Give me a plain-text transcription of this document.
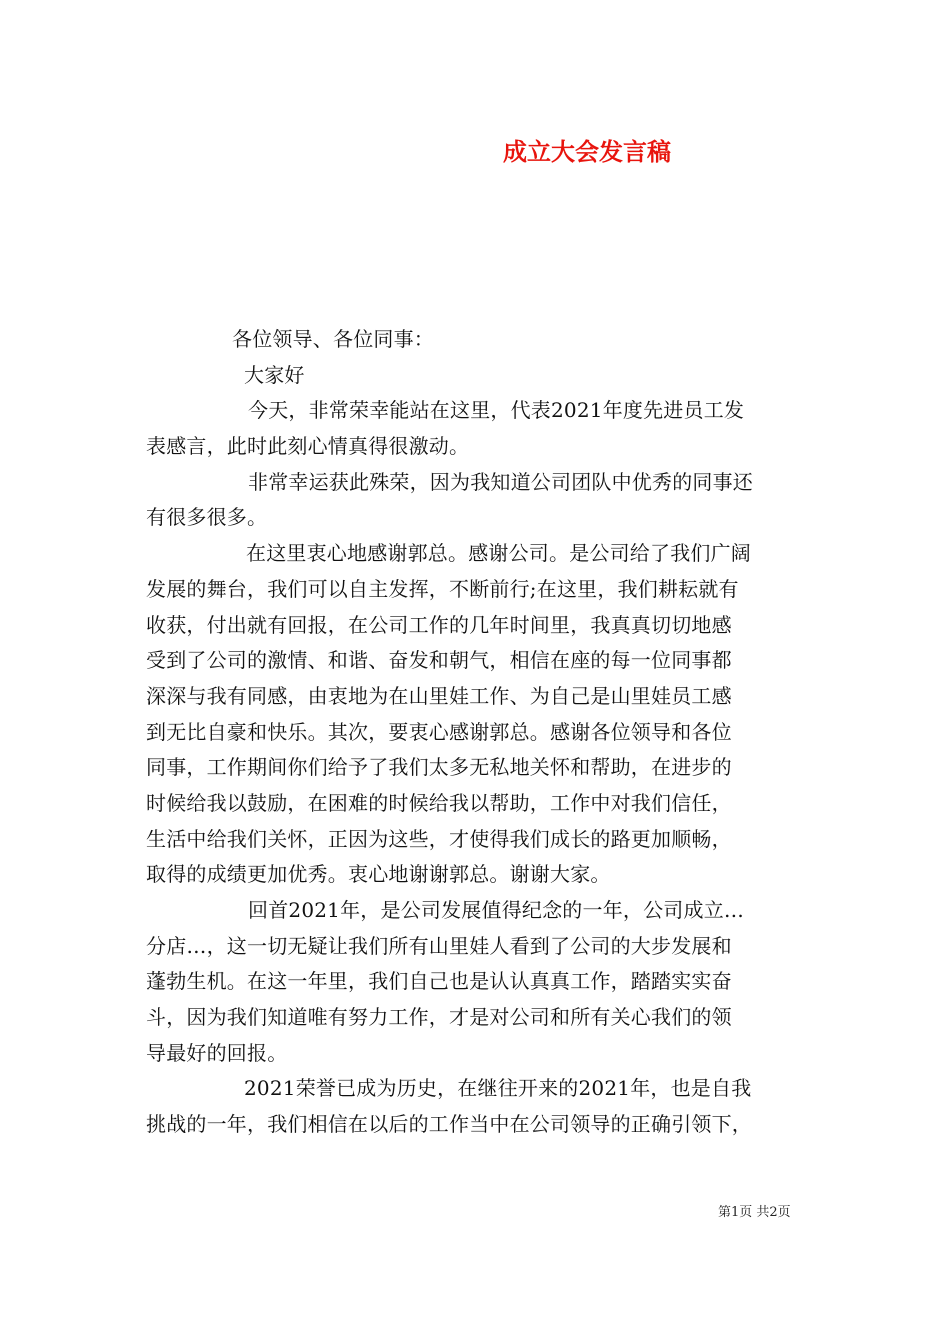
成立大会发言稿
各位领导、各位同事：
大家好
今天，非常荣幸能站在这里，代表2021年度先进员工发
表感言，此时此刻心情真得很激动。
非常幸运获此殊荣，因为我知道公司团队中优秀的同事还
有很多很多。
在这里衷心地感谢郭总。感谢公司。是公司给了我们广阔
发展的舞台，我们可以自主发挥，不断前行;在这里，我们耕耘就有
收获，付出就有回报，在公司工作的几年时间里，我真真切切地感
受到了公司的激情、和谐、奋发和朝气，相信在座的每一位同事都
深深与我有同感，由衷地为在山里娃工作、为自己是山里娃员工感
到无比自豪和快乐。其次，要衷心感谢郭总。感谢各位领导和各位
同事，工作期间你们给予了我们太多无私地关怀和帮助，在进步的
时候给我以鼓励，在困难的时候给我以帮助，工作中对我们信任，
生活中给我们关怀，正因为这些，才使得我们成长的路更加顺畅，
取得的成绩更加优秀。衷心地谢谢郭总。谢谢大家。
回首2021年，是公司发展值得纪念的一年，公司成立…
分店…，这一切无疑让我们所有山里娃人看到了公司的大步发展和
蓬勃生机。在这一年里，我们自己也是认认真真工作，踏踏实实奋
斗，因为我们知道唯有努力工作，才是对公司和所有关心我们的领
导最好的回报。
2021荣誉已成为历史，在继往开来的2021年，也是自我
挑战的一年，我们相信在以后的工作当中在公司领导的正确引领下，
第1页 共2页
